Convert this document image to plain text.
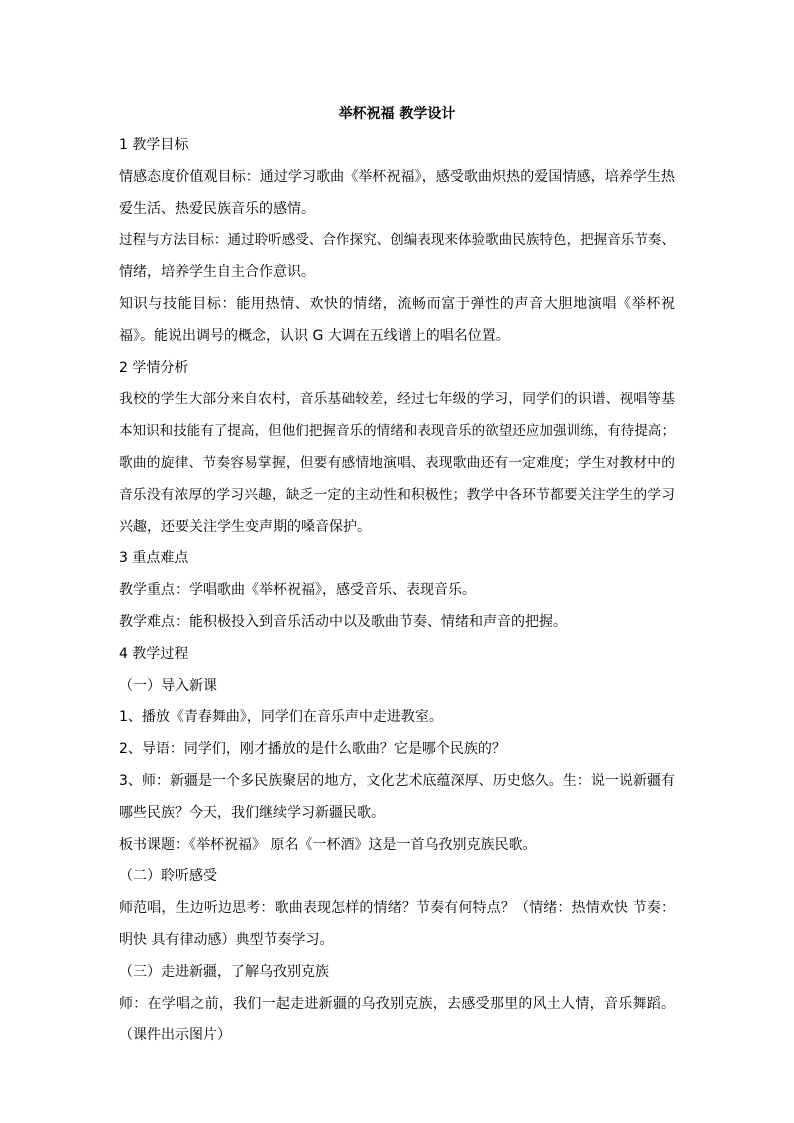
举杯祝福 教学设计
1 教学目标
情感态度价值观目标：通过学习歌曲《举杯祝福》，感受歌曲炽热的爱国情感，培养学生热
爱生活、热爱民族音乐的感情。
过程与方法目标：通过聆听感受、合作探究、创编表现来体验歌曲民族特色，把握音乐节奏、
情绪，培养学生自主合作意识。
知识与技能目标：能用热情、欢快的情绪，流畅而富于弹性的声音大胆地演唱《举杯祝
福》。能说出调号的概念，认识 G 大调在五线谱上的唱名位置。
2 学情分析
我校的学生大部分来自农村，音乐基础较差，经过七年级的学习，同学们的识谱、视唱等基
本知识和技能有了提高，但他们把握音乐的情绪和表现音乐的欲望还应加强训练，有待提高；
歌曲的旋律、节奏容易掌握，但要有感情地演唱、表现歌曲还有一定难度；学生对教材中的
音乐没有浓厚的学习兴趣，缺乏一定的主动性和积极性；教学中各环节都要关注学生的学习
兴趣，还要关注学生变声期的嗓音保护。
3 重点难点
教学重点：学唱歌曲《举杯祝福》，感受音乐、表现音乐。
教学难点：能积极投入到音乐活动中以及歌曲节奏、情绪和声音的把握。
4 教学过程
（一）导入新课
1、播放《青春舞曲》，同学们在音乐声中走进教室。
2、导语：同学们，刚才播放的是什么歌曲？它是哪个民族的？
3、师：新疆是一个多民族聚居的地方，文化艺术底蕴深厚、历史悠久。生：说一说新疆有
哪些民族？今天，我们继续学习新疆民歌。
板书课题：《举杯祝福》 原名《一杯酒》这是一首乌孜别克族民歌。
（二）聆听感受
师范唱，生边听边思考：歌曲表现怎样的情绪？节奏有何特点？（情绪：热情欢快 节奏：
明快 具有律动感）典型节奏学习。
（三）走进新疆，了解乌孜别克族
师：在学唱之前，我们一起走进新疆的乌孜别克族，去感受那里的风土人情，音乐舞蹈。
（课件出示图片）
